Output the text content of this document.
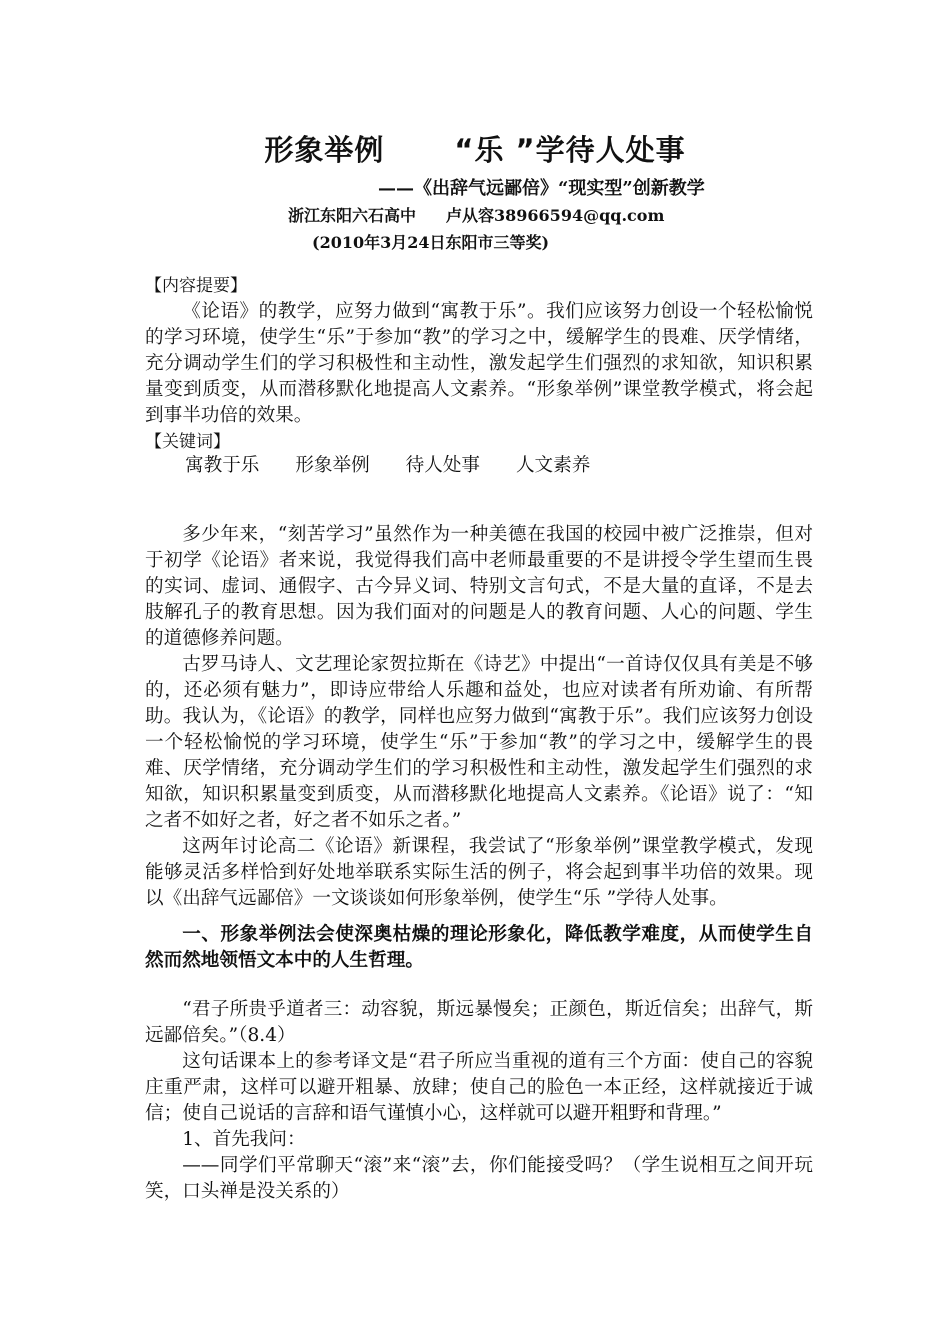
形象举例 “乐 ”学待人处事
——《出辞气远鄙倍》“现实型”创新教学
浙江东阳六石高中 卢从容38966594@qq.com
(2010年3月24日东阳市三等奖)

【内容提要】

《论语》的教学，应努力做到“寓教于乐”。我们应该努力创设一个轻松愉悦的学习环境，使学生“乐”于参加“教”的学习之中，缓解学生的畏难、厌学情绪，充分调动学生们的学习积极性和主动性，激发起学生们强烈的求知欲，知识积累量变到质变，从而潜移默化地提高人文素养。“形象举例”课堂教学模式，将会起到事半功倍的效果。

【关键词】

寓教于乐 形象举例 待人处事 人文素养

多少年来，“刻苦学习”虽然作为一种美德在我国的校园中被广泛推崇，但对于初学《论语》者来说，我觉得我们高中老师最重要的不是讲授令学生望而生畏的实词、虚词、通假字、古今异义词、特别文言句式，不是大量的直译，不是去肢解孔子的教育思想。因为我们面对的问题是人的教育问题、人心的问题、学生的道德修养问题。

古罗马诗人、文艺理论家贺拉斯在《诗艺》中提出“一首诗仅仅具有美是不够的，还必须有魅力”，即诗应带给人乐趣和益处，也应对读者有所劝谕、有所帮助。我认为，《论语》的教学，同样也应努力做到“寓教于乐”。我们应该努力创设一个轻松愉悦的学习环境，使学生“乐”于参加“教”的学习之中，缓解学生的畏难、厌学情绪，充分调动学生们的学习积极性和主动性，激发起学生们强烈的求知欲，知识积累量变到质变，从而潜移默化地提高人文素养。《论语》说了：“知之者不如好之者，好之者不如乐之者。”

这两年讨论高二《论语》新课程，我尝试了“形象举例”课堂教学模式，发现能够灵活多样恰到好处地举联系实际生活的例子，将会起到事半功倍的效果。现以《出辞气远鄙倍》一文谈谈如何形象举例，使学生“乐 ”学待人处事。

一、形象举例法会使深奥枯燥的理论形象化，降低教学难度，从而使学生自然而然地领悟文本中的人生哲理。

“君子所贵乎道者三：动容貌，斯远暴慢矣；正颜色，斯近信矣；出辞气，斯远鄙倍矣。”（8.4）

这句话课本上的参考译文是“君子所应当重视的道有三个方面：使自己的容貌庄重严肃，这样可以避开粗暴、放肆；使自己的脸色一本正经，这样就接近于诚信；使自己说话的言辞和语气谨慎小心，这样就可以避开粗野和背理。”

1、首先我问：

——同学们平常聊天“滚”来“滚”去，你们能接受吗？（学生说相互之间开玩笑，口头禅是没关系的）
